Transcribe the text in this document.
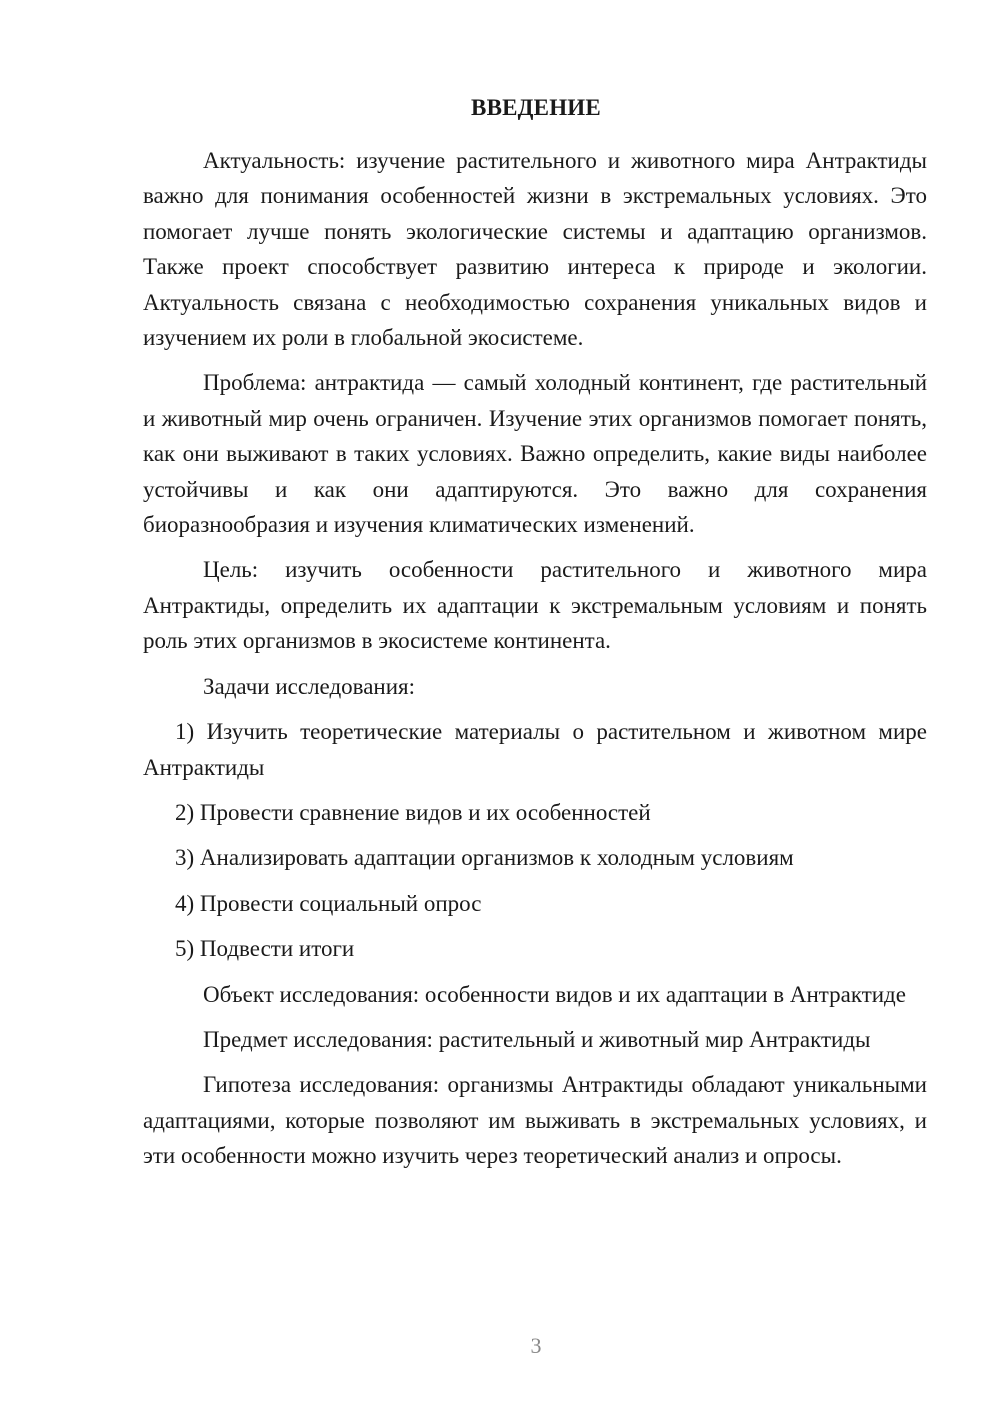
ВВЕДЕНИЕ

Актуальность: изучение растительного и животного мира Антрактиды важно для понимания особенностей жизни в экстремальных условиях. Это помогает лучше понять экологические системы и адаптацию организмов. Также проект способствует развитию интереса к природе и экологии. Актуальность связана с необходимостью сохранения уникальных видов и изучением их роли в глобальной экосистеме.

Проблема: антрактида — самый холодный континент, где растительный и животный мир очень ограничен. Изучение этих организмов помогает понять, как они выживают в таких условиях. Важно определить, какие виды наиболее устойчивы и как они адаптируются. Это важно для сохранения биоразнообразия и изучения климатических изменений.

Цель: изучить особенности растительного и животного мира Антрактиды, определить их адаптации к экстремальным условиям и понять роль этих организмов в экосистеме континента.

Задачи исследования:

1) Изучить теоретические материалы о растительном и животном мире Антрактиды

2) Провести сравнение видов и их особенностей

3) Анализировать адаптации организмов к холодным условиям

4) Провести социальный опрос

5) Подвести итоги

Объект исследования: особенности видов и их адаптации в Антрактиде

Предмет исследования: растительный и животный мир Антрактиды

Гипотеза исследования: организмы Антрактиды обладают уникальными адаптациями, которые позволяют им выживать в экстремальных условиях, и эти особенности можно изучить через теоретический анализ и опросы.

3
